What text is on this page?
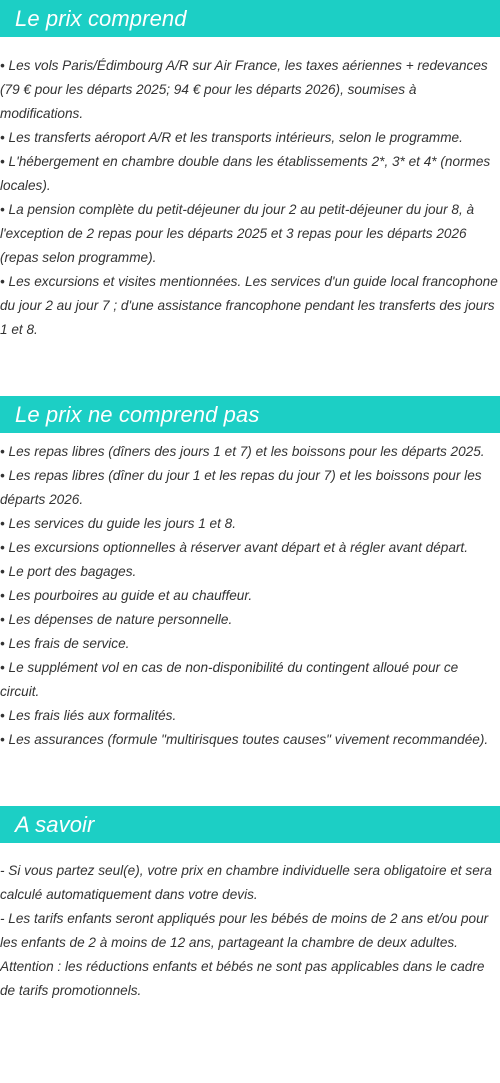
Le prix comprend

• Les vols Paris/Édimbourg A/R sur Air France, les taxes aériennes + redevances (79 € pour les départs 2025; 94 € pour les départs 2026), soumises à modifications.

• Les transferts aéroport A/R et les transports intérieurs, selon le programme.

• L'hébergement en chambre double dans les établissements 2*, 3* et 4* (normes locales).

• La pension complète du petit-déjeuner du jour 2 au petit-déjeuner du jour 8, à l'exception de 2 repas pour les départs 2025 et 3 repas pour les départs 2026 (repas selon programme).

• Les excursions et visites mentionnées. Les services d'un guide local francophone du jour 2 au jour 7 ; d'une assistance francophone pendant les transferts des jours 1 et 8.

Le prix ne comprend pas

• Les repas libres (dîners des jours 1 et 7) et les boissons pour les départs 2025.

• Les repas libres (dîner du jour 1 et les repas du jour 7) et les boissons pour les départs 2026.

• Les services du guide les jours 1 et 8.

• Les excursions optionnelles à réserver avant départ et à régler avant départ.

• Le port des bagages.

• Les pourboires au guide et au chauffeur.

• Les dépenses de nature personnelle.

• Les frais de service.

• Le supplément vol en cas de non-disponibilité du contingent alloué pour ce circuit.

• Les frais liés aux formalités.

• Les assurances (formule "multirisques toutes causes" vivement recommandée).

A savoir

- Si vous partez seul(e), votre prix en chambre individuelle sera obligatoire et sera calculé automatiquement dans votre devis.

- Les tarifs enfants seront appliqués pour les bébés de moins de 2 ans et/ou pour les enfants de 2 à moins de 12 ans, partageant la chambre de deux adultes.

Attention : les réductions enfants et bébés ne sont pas applicables dans le cadre de tarifs promotionnels.
